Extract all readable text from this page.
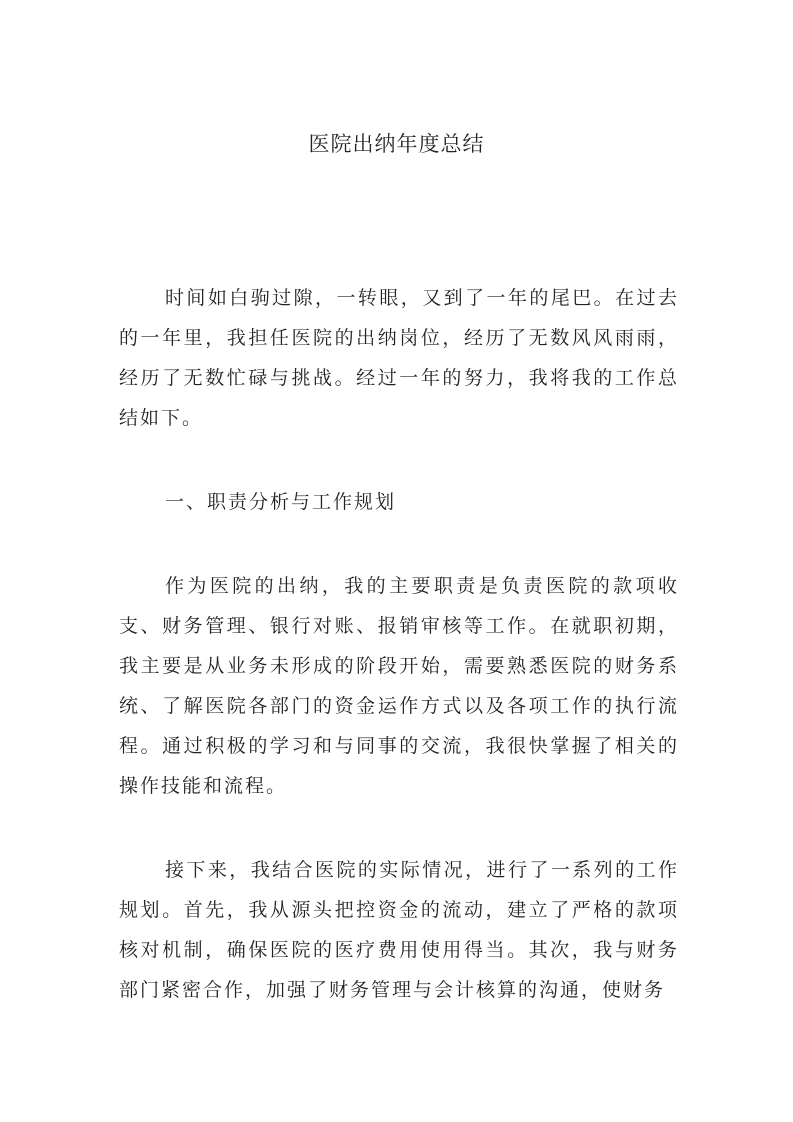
医院出纳年度总结

时间如白驹过隙，一转眼，又到了一年的尾巴。在过去的一年里，我担任医院的出纳岗位，经历了无数风风雨雨，经历了无数忙碌与挑战。经过一年的努力，我将我的工作总结如下。

一、职责分析与工作规划

作为医院的出纳，我的主要职责是负责医院的款项收支、财务管理、银行对账、报销审核等工作。在就职初期，我主要是从业务未形成的阶段开始，需要熟悉医院的财务系统、了解医院各部门的资金运作方式以及各项工作的执行流程。通过积极的学习和与同事的交流，我很快掌握了相关的操作技能和流程。

接下来，我结合医院的实际情况，进行了一系列的工作规划。首先，我从源头把控资金的流动，建立了严格的款项核对机制，确保医院的医疗费用使用得当。其次，我与财务部门紧密合作，加强了财务管理与会计核算的沟通，使财务
